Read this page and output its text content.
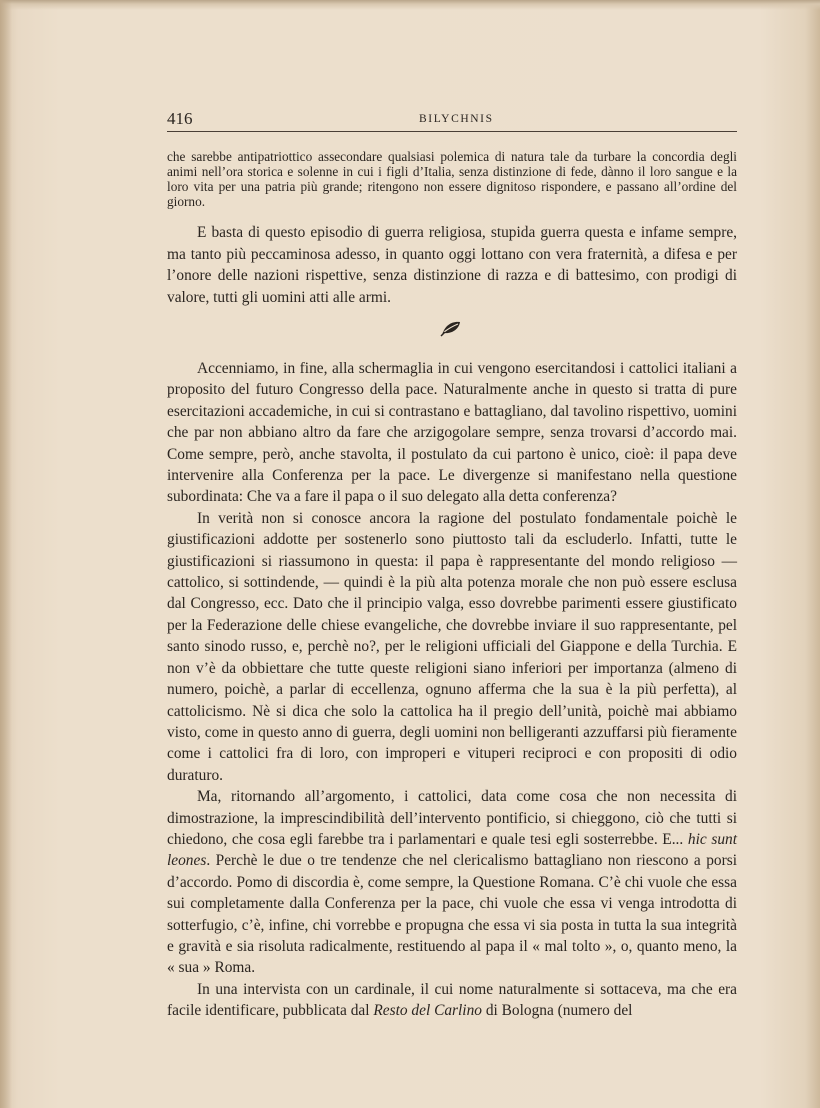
416	BILYCHNIS

che sarebbe antipatriottico assecondare qualsiasi polemica di natura tale da turbare la concordia degli animi nell’ora storica e solenne in cui i figli d’Italia, senza distinzione di fede, dànno il loro sangue e la loro vita per una patria più grande; ritengono non essere dignitoso rispondere, e passano all’ordine del giorno.

E basta di questo episodio di guerra religiosa, stupida guerra questa e infame sempre, ma tanto più peccaminosa adesso, in quanto oggi lottano con vera fraternità, a difesa e per l’onore delle nazioni rispettive, senza distinzione di razza e di battesimo, con prodigi di valore, tutti gli uomini atti alle armi.

Accenniamo, in fine, alla schermaglia in cui vengono esercitandosi i cattolici italiani a proposito del futuro Congresso della pace. Naturalmente anche in questo si tratta di pure esercitazioni accademiche, in cui si contrastano e battagliano, dal tavolino rispettivo, uomini che par non abbiano altro da fare che arzigogolare sempre, senza trovarsi d’accordo mai. Come sempre, però, anche stavolta, il postulato da cui partono è unico, cioè: il papa deve intervenire alla Conferenza per la pace. Le divergenze si manifestano nella questione subordinata: Che va a fare il papa o il suo delegato alla detta conferenza?

In verità non si conosce ancora la ragione del postulato fondamentale poichè le giustificazioni addotte per sostenerlo sono piuttosto tali da escluderlo. Infatti, tutte le giustificazioni si riassumono in questa: il papa è rappresentante del mondo religioso — cattolico, si sottindende, — quindi è la più alta potenza morale che non può essere esclusa dal Congresso, ecc. Dato che il principio valga, esso dovrebbe parimenti essere giustificato per la Federazione delle chiese evangeliche, che dovrebbe inviare il suo rappresentante, pel santo sinodo russo, e, perchè no?, per le religioni ufficiali del Giappone e della Turchia. E non v’è da obbiettare che tutte queste religioni siano inferiori per importanza (almeno di numero, poichè, a parlar di eccellenza, ognuno afferma che la sua è la più perfetta), al cattolicismo. Nè si dica che solo la cattolica ha il pregio dell’unità, poichè mai abbiamo visto, come in questo anno di guerra, degli uomini non belligeranti azzuffarsi più fieramente come i cattolici fra di loro, con improperi e vituperi reciproci e con propositi di odio duraturo.

Ma, ritornando all’argomento, i cattolici, data come cosa che non necessita di dimostrazione, la imprescindibilità dell’intervento pontificio, si chieggono, ciò che tutti si chiedono, che cosa egli farebbe tra i parlamentari e quale tesi egli sosterrebbe. E... hic sunt leones. Perchè le due o tre tendenze che nel clericalismo battagliano non riescono a porsi d’accordo. Pomo di discordia è, come sempre, la Questione Romana. C’è chi vuole che essa sui completamente dalla Conferenza per la pace, chi vuole che essa vi venga introdotta di sotterfugio, c’è, infine, chi vorrebbe e propugna che essa vi sia posta in tutta la sua integrità e gravità e sia risoluta radicalmente, restituendo al papa il « mal tolto », o, quanto meno, la « sua » Roma.

In una intervista con un cardinale, il cui nome naturalmente si sottaceva, ma che era facile identificare, pubblicata dal Resto del Carlino di Bologna (numero del
